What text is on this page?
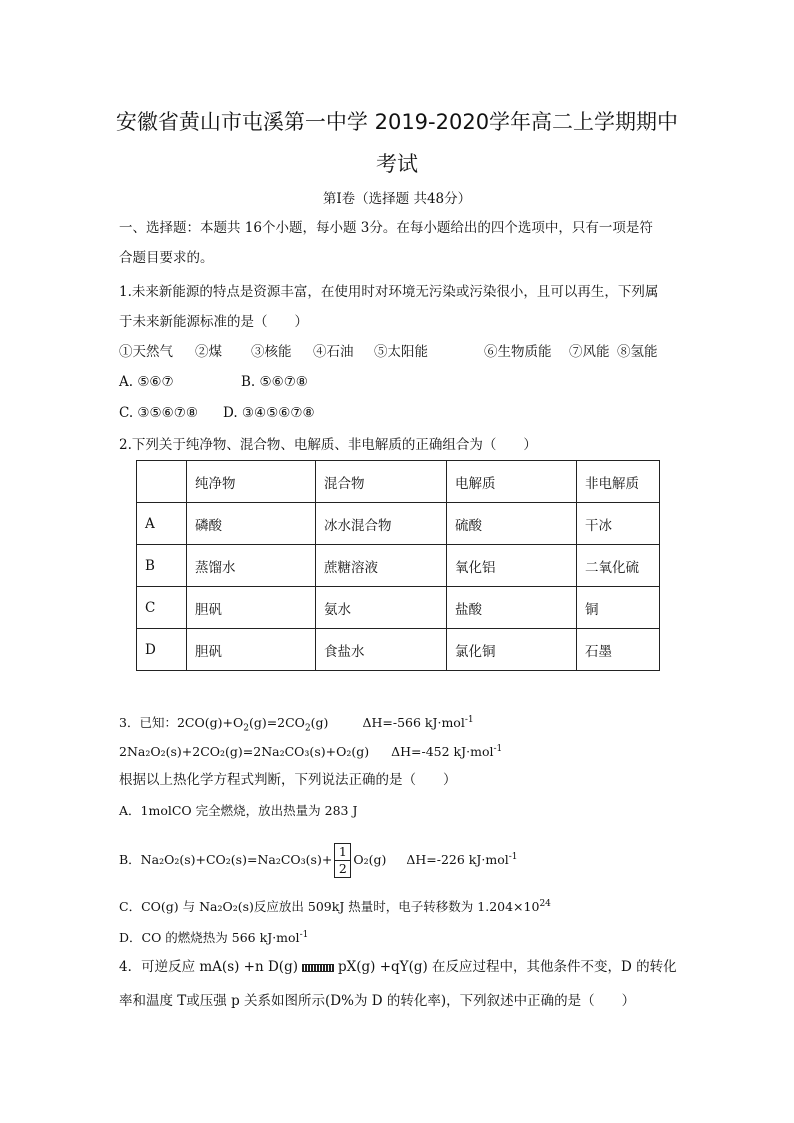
安徽省黄山市屯溪第一中学 2019-2020学年高二上学期期中
考试
第Ⅰ卷（选择题 共48分）
一、选择题：本题共 16个小题，每小题 3分。在每小题给出的四个选项中，只有一项是符
合题目要求的。
1.未来新能源的特点是资源丰富，在使用时对环境无污染或污染很小，且可以再生，下列属
于未来新能源标准的是（　　）
①天然气 ②煤 ③核能 ④石油 ⑤太阳能	⑥生物质能 ⑦风能 ⑧氢能
A. ⑤⑥⑦	B. ⑤⑥⑦⑧
C. ③⑤⑥⑦⑧ D. ③④⑤⑥⑦⑧
2.下列关于纯净物、混合物、电解质、非电解质的正确组合为（　　）
	纯净物	混合物	电解质	非电解质
A	磷酸	冰水混合物	硫酸	干冰
B	蒸馏水	蔗糖溶液	氧化铝	二氧化硫
C	胆矾	氨水	盐酸	铜
D	胆矾	食盐水	氯化铜	石墨
3．已知：$2CO(g)+O_2(g)=2CO_2(g)$	ΔH=-566 kJ·mol$^{-1}$
2Na₂O₂(s)+2CO₂(g)=2Na₂CO₃(s)+O₂(g) ΔH=-452 kJ·mol$^{-1}$
根据以上热化学方程式判断，下列说法正确的是（　　）
A．1molCO 完全燃烧，放出热量为 283 J
B．$Na_2O_2(s)+CO_2(s)=Na_2CO_3(s)+ \frac{1}{2} O_2(g)$ ΔH=-226 kJ·mol$^{-1}$
C．CO(g) 与 Na₂O₂(s)反应放出 509kJ 热量时，电子转移数为 $1.204\times 10^{24}$
D．CO 的燃烧热为 566 kJ·mol$^{-1}$
4．可逆反应 mA(s) +n D(g)	pX(g) +qY(g) 在反应过程中，其他条件不变，D 的转化
率和温度 T或压强 p 关系如图所示(D%为 D 的转化率)，下列叙述中正确的是（　　）
